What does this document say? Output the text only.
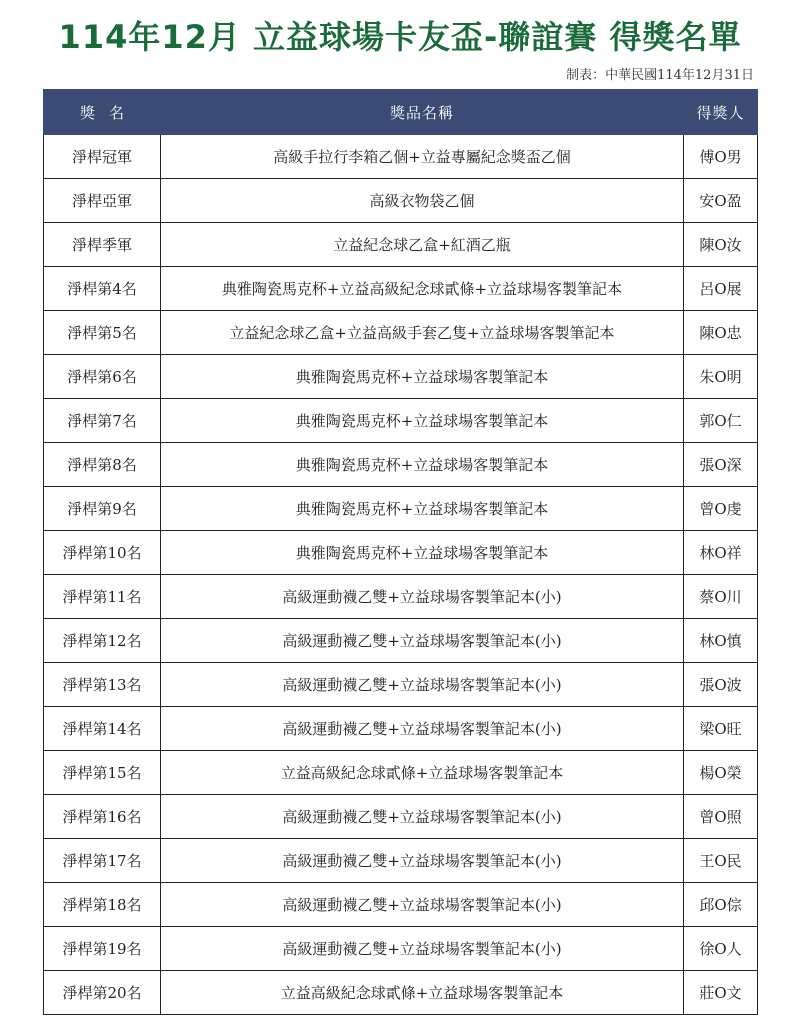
114年12月 立益球場卡友盃-聯誼賽 得獎名單
制表：中華民國114年12月31日
獎名	獎品名稱	得獎人
淨桿冠軍	高級手拉行李箱乙個+立益專屬紀念獎盃乙個	傅O男
淨桿亞軍	高級衣物袋乙個	安O盈
淨桿季軍	立益紀念球乙盒+紅酒乙瓶	陳O汝
淨桿第4名	典雅陶瓷馬克杯+立益高級紀念球貳條+立益球場客製筆記本	呂O展
淨桿第5名	立益紀念球乙盒+立益高級手套乙隻+立益球場客製筆記本	陳O忠
淨桿第6名	典雅陶瓷馬克杯+立益球場客製筆記本	朱O明
淨桿第7名	典雅陶瓷馬克杯+立益球場客製筆記本	郭O仁
淨桿第8名	典雅陶瓷馬克杯+立益球場客製筆記本	張O深
淨桿第9名	典雅陶瓷馬克杯+立益球場客製筆記本	曾O虔
淨桿第10名	典雅陶瓷馬克杯+立益球場客製筆記本	林O祥
淨桿第11名	高級運動襪乙雙+立益球場客製筆記本(小)	蔡O川
淨桿第12名	高級運動襪乙雙+立益球場客製筆記本(小)	林O慎
淨桿第13名	高級運動襪乙雙+立益球場客製筆記本(小)	張O波
淨桿第14名	高級運動襪乙雙+立益球場客製筆記本(小)	梁O旺
淨桿第15名	立益高級紀念球貳條+立益球場客製筆記本	楊O榮
淨桿第16名	高級運動襪乙雙+立益球場客製筆記本(小)	曾O照
淨桿第17名	高級運動襪乙雙+立益球場客製筆記本(小)	王O民
淨桿第18名	高級運動襪乙雙+立益球場客製筆記本(小)	邱O倧
淨桿第19名	高級運動襪乙雙+立益球場客製筆記本(小)	徐O人
淨桿第20名	立益高級紀念球貳條+立益球場客製筆記本	莊O文
